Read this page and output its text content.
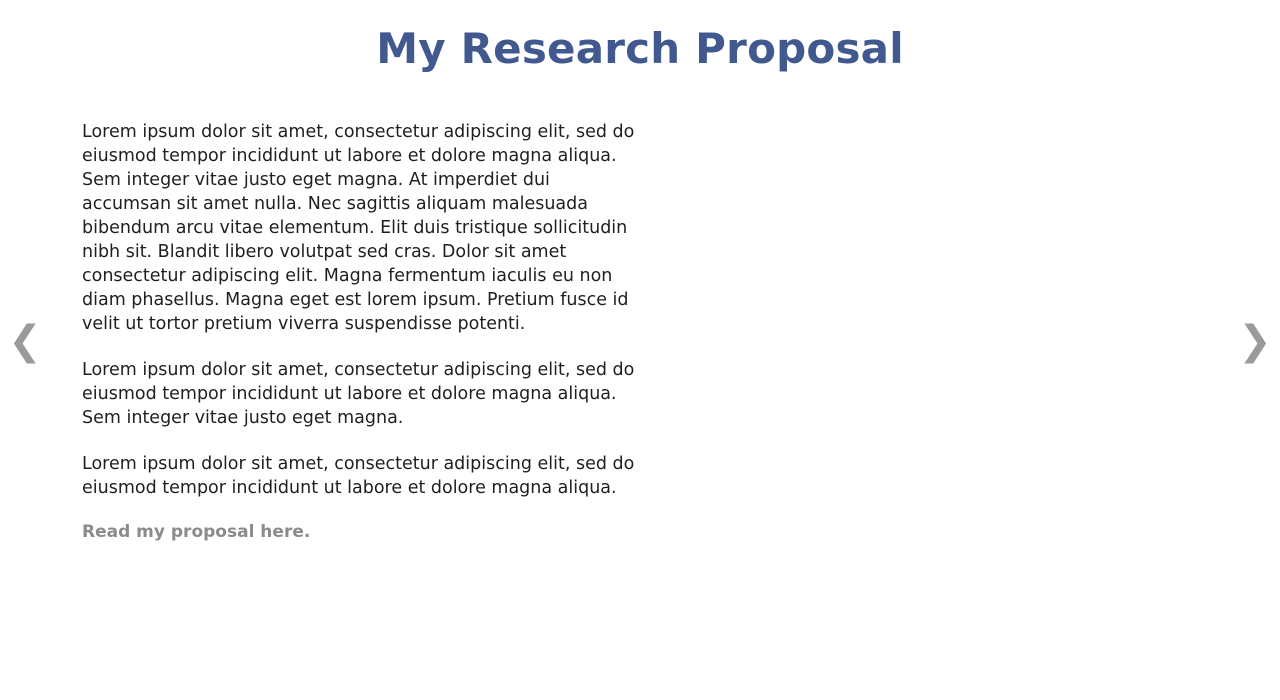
My Research Proposal

Lorem ipsum dolor sit amet, consectetur adipiscing elit, sed do eiusmod tempor incididunt ut labore et dolore magna aliqua. Sem integer vitae justo eget magna. At imperdiet dui accumsan sit amet nulla. Nec sagittis aliquam malesuada bibendum arcu vitae elementum. Elit duis tristique sollicitudin nibh sit. Blandit libero volutpat sed cras. Dolor sit amet consectetur adipiscing elit. Magna fermentum iaculis eu non diam phasellus. Magna eget est lorem ipsum. Pretium fusce id velit ut tortor pretium viverra suspendisse potenti.

Lorem ipsum dolor sit amet, consectetur adipiscing elit, sed do eiusmod tempor incididunt ut labore et dolore magna aliqua. Sem integer vitae justo eget magna.

Lorem ipsum dolor sit amet, consectetur adipiscing elit, sed do eiusmod tempor incididunt ut labore et dolore magna aliqua.

Read my proposal here.
❮	❯
